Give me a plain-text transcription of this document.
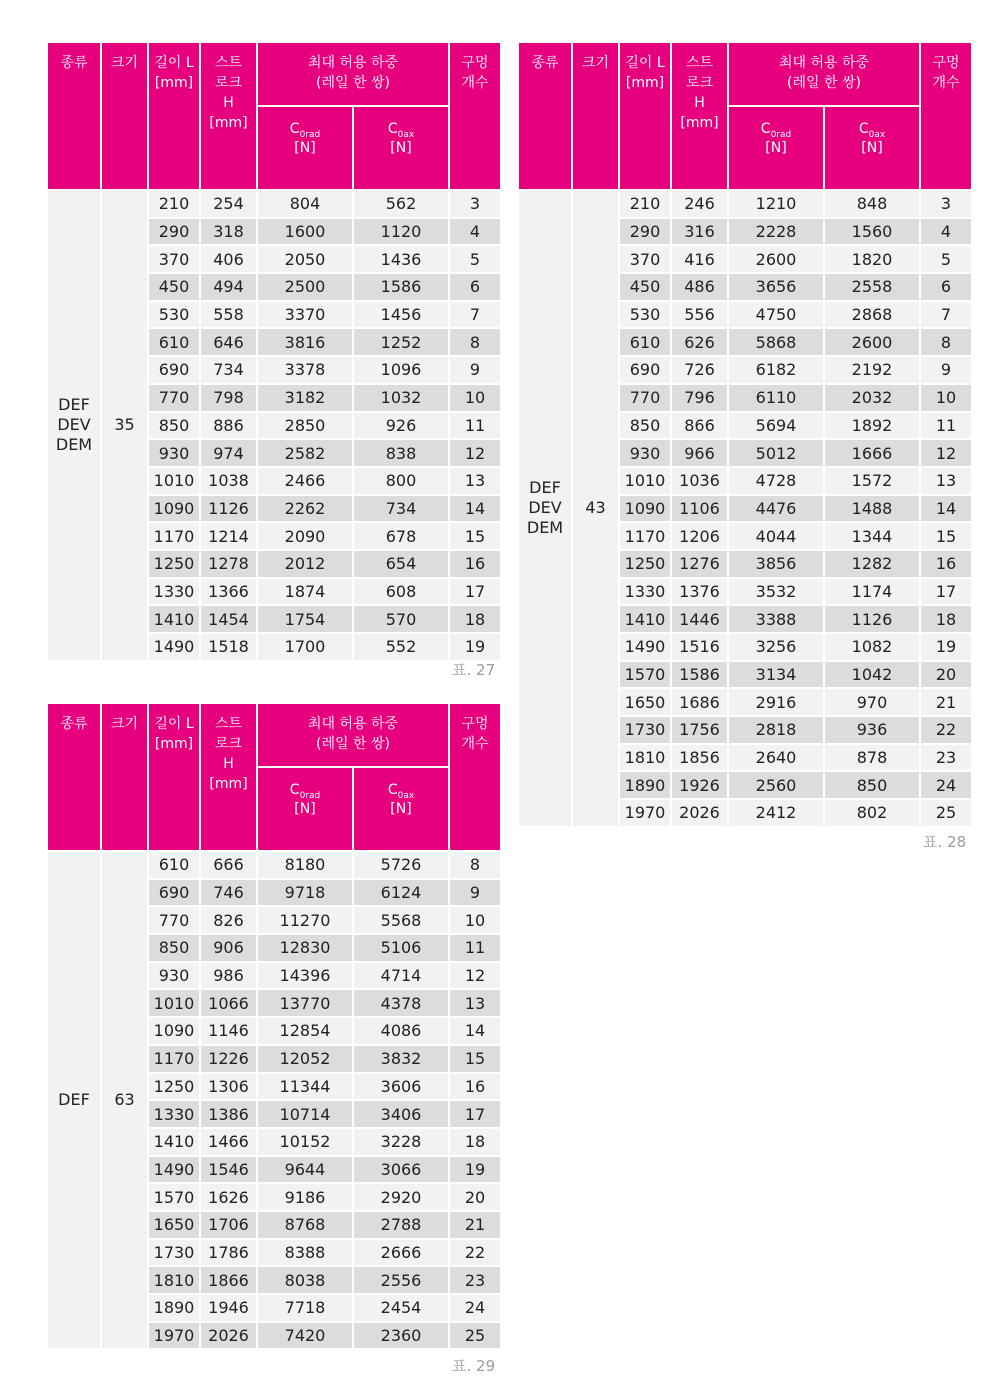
종류	크기	길이 L
[mm]	스트
로크
H
[mm]	최대 허용 하중
(레일 한 쌍)		구멍
개수
				$C_{0rad}$
[N]	$C_{0ax}$
[N]	
DEF
DEV
DEM	35	210	254	804	562	3
		290	318	1600	1120	4
		370	406	2050	1436	5
		450	494	2500	1586	6
		530	558	3370	1456	7
		610	646	3816	1252	8
		690	734	3378	1096	9
		770	798	3182	1032	10
		850	886	2850	926	11
		930	974	2582	838	12
		1010	1038	2466	800	13
		1090	1126	2262	734	14
		1170	1214	2090	678	15
		1250	1278	2012	654	16
		1330	1366	1874	608	17
		1410	1454	1754	570	18
		1490	1518	1700	552	19
표. 27
종류	크기	길이 L
[mm]	스트
로크
H
[mm]	최대 허용 하중
(레일 한 쌍)		구멍
개수
				$C_{0rad}$
[N]	$C_{0ax}$
[N]	
DEF
DEV
DEM	43	210	246	1210	848	3
		290	316	2228	1560	4
		370	416	2600	1820	5
		450	486	3656	2558	6
		530	556	4750	2868	7
		610	626	5868	2600	8
		690	726	6182	2192	9
		770	796	6110	2032	10
		850	866	5694	1892	11
		930	966	5012	1666	12
		1010	1036	4728	1572	13
		1090	1106	4476	1488	14
		1170	1206	4044	1344	15
		1250	1276	3856	1282	16
		1330	1376	3532	1174	17
		1410	1446	3388	1126	18
		1490	1516	3256	1082	19
		1570	1586	3134	1042	20
		1650	1686	2916	970	21
		1730	1756	2818	936	22
		1810	1856	2640	878	23
		1890	1926	2560	850	24
		1970	2026	2412	802	25
표. 28
종류	크기	길이 L
[mm]	스트
로크
H
[mm]	최대 허용 하중
(레일 한 쌍)		구멍
개수
				$C_{0rad}$
[N]	$C_{0ax}$
[N]	
DEF	63	610	666	8180	5726	8
		690	746	9718	6124	9
		770	826	11270	5568	10
		850	906	12830	5106	11
		930	986	14396	4714	12
		1010	1066	13770	4378	13
		1090	1146	12854	4086	14
		1170	1226	12052	3832	15
		1250	1306	11344	3606	16
		1330	1386	10714	3406	17
		1410	1466	10152	3228	18
		1490	1546	9644	3066	19
		1570	1626	9186	2920	20
		1650	1706	8768	2788	21
		1730	1786	8388	2666	22
		1810	1866	8038	2556	23
		1890	1946	7718	2454	24
		1970	2026	7420	2360	25
표. 29
